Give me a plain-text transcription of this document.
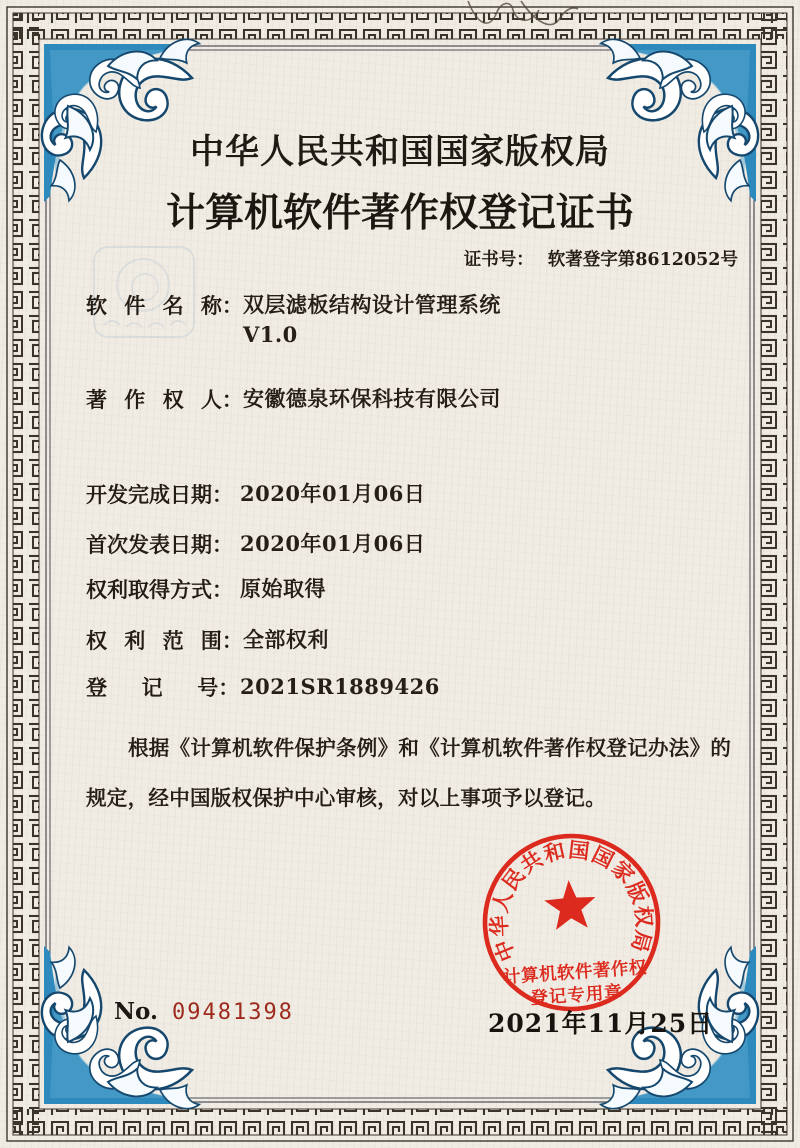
中华人民共和国国家版权局
计算机软件著作权登记证书
证书号： 软著登字第8612052号
软 件 名 称：双层滤板结构设计管理系统
V1.0
著 作 权 人：安徽德泉环保科技有限公司
开发完成日期： 2020年01月06日
首次发表日期： 2020年01月06日
权利取得方式： 原始取得
权 利 范 围：全部权利
登  记  号：2021SR1889426
根据《计算机软件保护条例》和《计算机软件著作权登记办法》的
规定，经中国版权保护中心审核，对以上事项予以登记。
No. 09481398
中华人民共和国国家版权局
计算机软件著作权
登记专用章
2021年11月25日
